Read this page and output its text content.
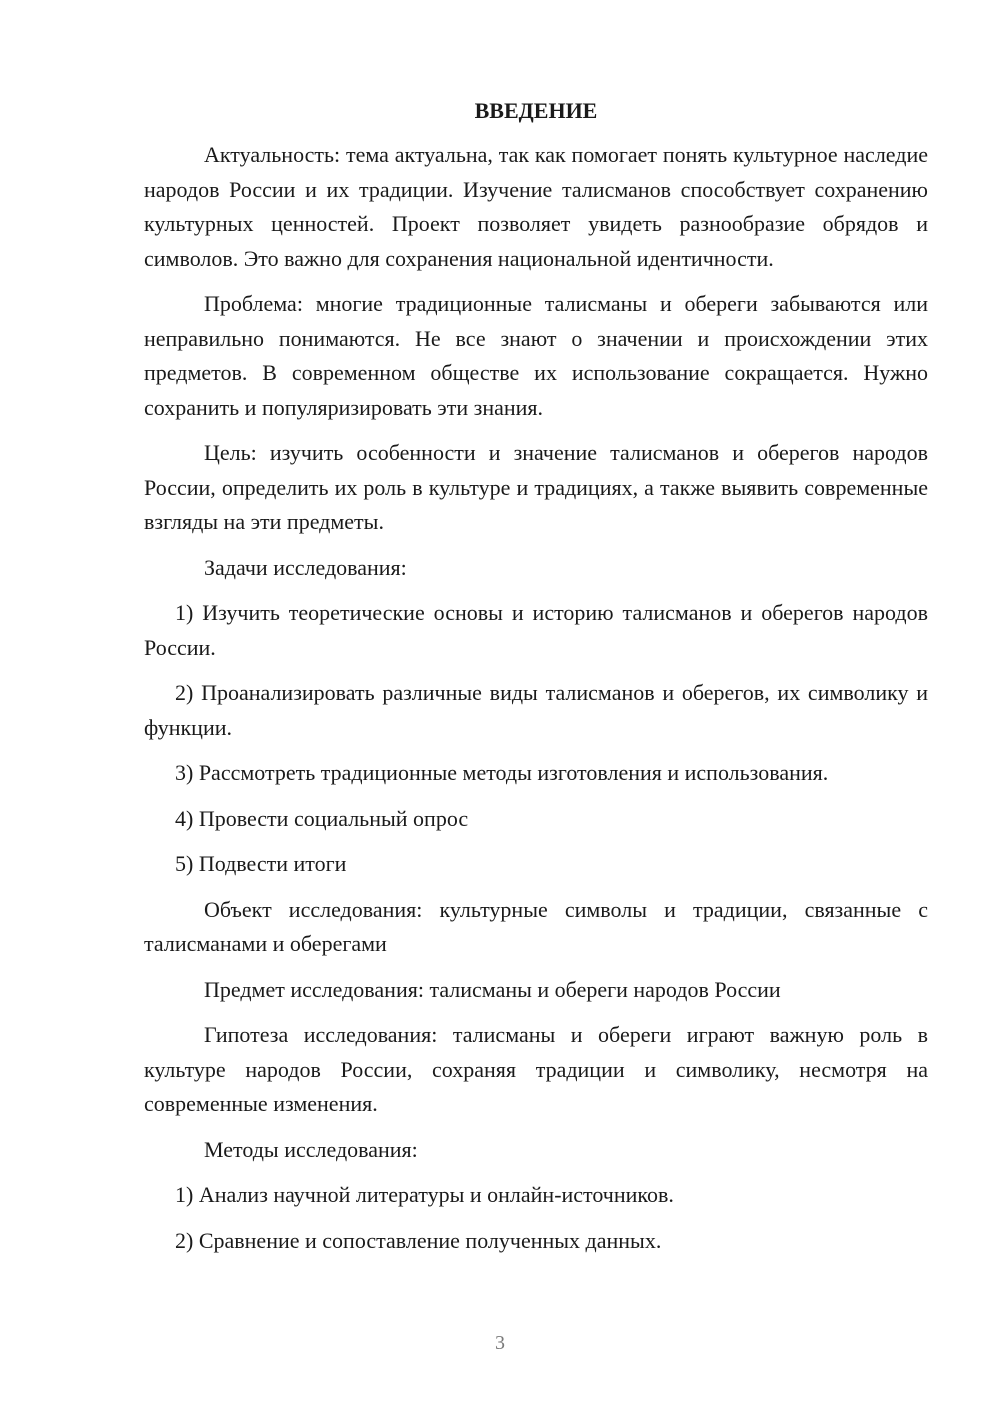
ВВЕДЕНИЕ

Актуальность: тема актуальна, так как помогает понять культурное наследие народов России и их традиции. Изучение талисманов способствует сохранению культурных ценностей. Проект позволяет увидеть разнообразие обрядов и символов. Это важно для сохранения национальной идентичности.

Проблема: многие традиционные талисманы и обереги забываются или неправильно понимаются. Не все знают о значении и происхождении этих предметов. В современном обществе их использование сокращается. Нужно сохранить и популяризировать эти знания.

Цель: изучить особенности и значение талисманов и оберегов народов России, определить их роль в культуре и традициях, а также выявить современные взгляды на эти предметы.

Задачи исследования:

1) Изучить теоретические основы и историю талисманов и оберегов народов России.

2) Проанализировать различные виды талисманов и оберегов, их символику и функции.

3) Рассмотреть традиционные методы изготовления и использования.

4) Провести социальный опрос

5) Подвести итоги

Объект исследования: культурные символы и традиции, связанные с талисманами и оберегами

Предмет исследования: талисманы и обереги народов России

Гипотеза исследования: талисманы и обереги играют важную роль в культуре народов России, сохраняя традиции и символику, несмотря на современные изменения.

Методы исследования:

1) Анализ научной литературы и онлайн-источников.

2) Сравнение и сопоставление полученных данных.

3
